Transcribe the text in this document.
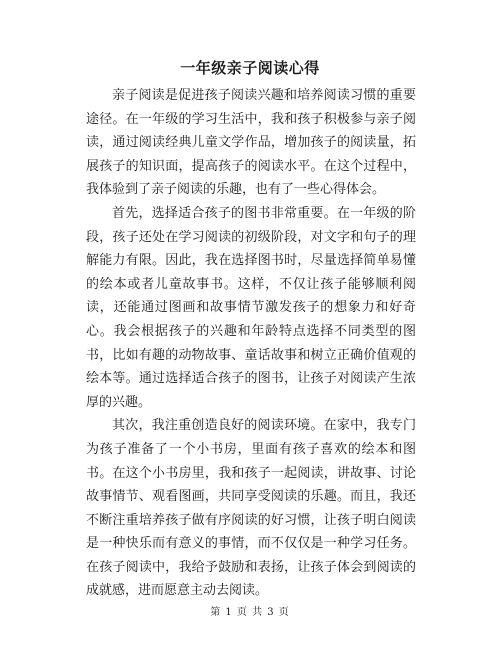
一年级亲子阅读心得

亲子阅读是促进孩子阅读兴趣和培养阅读习惯的重要途径。在一年级的学习生活中，我和孩子积极参与亲子阅读，通过阅读经典儿童文学作品，增加孩子的阅读量，拓展孩子的知识面，提高孩子的阅读水平。在这个过程中，我体验到了亲子阅读的乐趣，也有了一些心得体会。

首先，选择适合孩子的图书非常重要。在一年级的阶段，孩子还处在学习阅读的初级阶段，对文字和句子的理解能力有限。因此，我在选择图书时，尽量选择简单易懂的绘本或者儿童故事书。这样，不仅让孩子能够顺利阅读，还能通过图画和故事情节激发孩子的想象力和好奇心。我会根据孩子的兴趣和年龄特点选择不同类型的图书，比如有趣的动物故事、童话故事和树立正确价值观的绘本等。通过选择适合孩子的图书，让孩子对阅读产生浓厚的兴趣。

其次，我注重创造良好的阅读环境。在家中，我专门为孩子准备了一个小书房，里面有孩子喜欢的绘本和图书。在这个小书房里，我和孩子一起阅读，讲故事、讨论故事情节、观看图画，共同享受阅读的乐趣。而且，我还不断注重培养孩子做有序阅读的好习惯，让孩子明白阅读是一种快乐而有意义的事情，而不仅仅是一种学习任务。在孩子阅读中，我给予鼓励和表扬，让孩子体会到阅读的成就感，进而愿意主动去阅读。

第 1 页 共 3 页
